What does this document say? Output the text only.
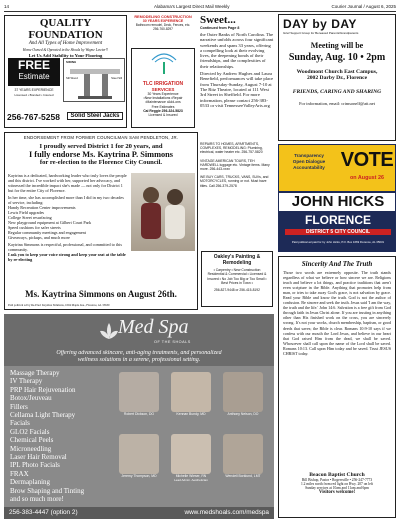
14	Alabama's Largest Direct Mail Weekly	Courier Journal / August 6, 2025
QUALITY FOUNDATION
And All Types of Home Improvement
Home Owned & Operated in the Shoals by Wayne Lewter!!
Let Us Add Stability to Your Flooring
FREE
Estimate
37 YEARS EXPERIENCE
Licensed • Bonded • Insured
SIDING
Sill Wood	Steel Sill
256-767-5258	Solid Steel Jacks
REMODELING CONSTRUCTION
30 YEARS EXPERIENCE
Bathroom remodel, Deck, Fences, etc.
256-760-8297
TLC IRRIGATION
SERVICES
30 Years Experience
•New Installations •Repair
•Maintenance •Add-ons
Free Estimates
Cal Reggie 256-324-5823
Licensed & Insured
Sweet...
Continued from Page 8
the Outer Banks of North Carolina. The narrative unfolds across four significant weekends and spans 33 years, offering a compelling look at their evolving lives, the deepening bonds of their friendships, and the complexities of their relationships.
Directed by Andrew Hughes and Laura Benefield, performances will take place from Thursday-Sunday, August 7-10 at The Ritz Theatre, located at 111 West 3rd Street in Sheffield. For more information, please contact 256-383-0533 or visit TennesseeValleyArts.org
DAY by DAY
Grief Support Group for Bereaved Parents/Grandparents
Meeting will be
Sunday, Aug. 10 • 2pm
Woodmont Church East Campus,
2002 Darby Dr., Florence
FRIENDS, CARING AND SHARING
For information, email: crimsonelf@att.net
REPAIRS TO HOMES, APARTMENTS, COMPLEXES, REMODELING: Plumbing, electrical, water heater etc. 256-757-5820
VINTAGE AMERICAN TOURS, TEH HARDWELL luggage etc. Vintage items. Many more. 256-443-xxxx
WE BUY CARS, TRUCKS, VANS, SUVs, and MOTORCYCLES, running or not. Must have titles. Call 256-379-2578
Oakley's Painting & Remodeling
• Carpentry • New Construction Residential & Commercial • Licensed & Insured • No Job Too Big or Too Small • Best Prices in Town •
256-827-9448 or 256-415-8192
Transparency
Open Dialogue
Accountability VOTE
on August 26
JOHN HICKS
FLORENCE
DISTRICT 5 CITY COUNCIL
Paid political ad paid for by John Hicks, P.O. Box 1669 Florence, AL 35631
ENDORSEMENT FROM FORMER COUNCILMAN SAM PENDLETON, JR.
I proudly served District 1 for 20 years, and
I fully endorse Ms. Kaytrina P. Simmons
for re-election to the Florence City Council.
Kaytrina is a dedicated, hardworking leader who truly loves the people and this district. I've worked with her, supported her advocacy, and witnessed the incredible impact she's made — not only for District 1 but for the entire City of Florence.
In her time, she has accomplished more than I did in my two decades of service, including:
Handy Recreation Center improvements
Lewis Field upgrades
College Street resurfacing
New playground equipment at Gilbert Court Park
Speed cushions for safer streets
Regular community meetings and engagement
Giveaways, pickups, and much more
Kaytrina Simmons is respectful, professional, and committed to this community.
I ask you to keep your voice strong and keep your seat at the table by re-electing
Ms. Kaytrina Simmons on August 26th.
Paid political ad by Re-Elect Kaytrina Simmons, 1004 Maple Ave., Florence, AL 35630
Med Spa
OF THE SHOALS
Offering advanced skincare, anti-aging treatments, and personalized
wellness solutions in a serene, professional setting.
Massage Therapy
IV Therapy
PRP Hair Rejuvenation
Botox/Jeuveau
Fillers
Cellama Light Therapy
Facials
GLO2 Facials
Chemical Peels
Microneedling
Laser Hair Removal
IPL Photo Facials
FRAX
Dermaplaning
Brow Shaping and Tinting
and so much more!
Robert Dickson, DO	Kennan Bundy, MD	Anthony Nelson, DO
Jeremy Thompson, MD	Michelle Wieser, RN
Lead Admin. Aesthetician
Wendell Borklund, LMT
256-383-4447 (option 2)	www.medshoals.com/medspa
Sincerity And The Truth
Those two words are extremely opposite. The truth stands regardless of what we believe or how sincere we are. Religions teach and believe a lot things, and practice traditions that aren't even scripture in the Bible. Anything that promotes help from man, or tries to take away God's grace, is not salvation by grace. Read your Bible and know the truth. God is not the author of confusion. Be sincere and seek the truth. Jesus said 'I am the way, the truth and the life.' John 14:6. Salvation is a free gift from God through faith in Jesus Christ alone. If you are trusting in anything other than His finished work on the cross, you are sincerely wrong. It's not your works, church membership, baptism, or good deeds that saves; the Bible is clear. Romans 10:9-10 says if we confess with our mouth the Lord Jesus, and believe in our heart that God raised Him from the dead, we shall be saved. Whosoever shall call upon the name of the Lord shall be saved. Romans 10:13. Call upon Him today and be saved. Trust JESUS CHRIST today.
Beacon Baptist Church
Bill Bishop, Pastor • Rogersville • 256-247-7773
1.2 miles north from red light on Hwy. 207 on left
Sunday services at 10am and 11am and 6pm
Visitors welcome!
